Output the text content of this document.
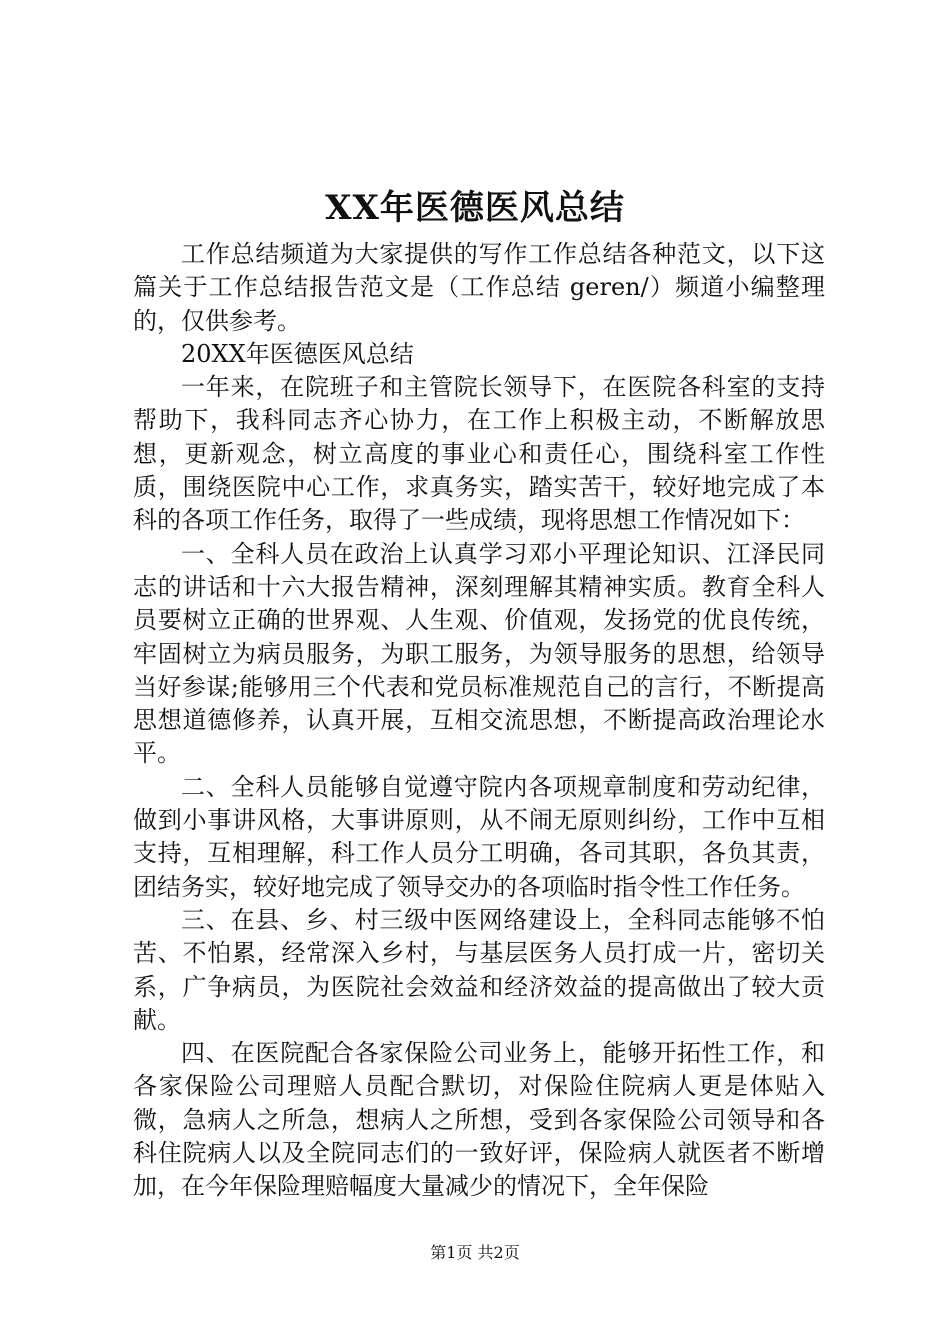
XX年医德医风总结

工作总结频道为大家提供的写作工作总结各种范文，以下这篇关于工作总结报告范文是（工作总结 geren/）频道小编整理的，仅供参考。

20XX年医德医风总结

一年来，在院班子和主管院长领导下，在医院各科室的支持帮助下，我科同志齐心协力，在工作上积极主动，不断解放思想，更新观念，树立高度的事业心和责任心，围绕科室工作性质，围绕医院中心工作，求真务实，踏实苦干，较好地完成了本科的各项工作任务，取得了一些成绩，现将思想工作情况如下：

一、全科人员在政治上认真学习邓小平理论知识、江泽民同志的讲话和十六大报告精神，深刻理解其精神实质。教育全科人员要树立正确的世界观、人生观、价值观，发扬党的优良传统，牢固树立为病员服务，为职工服务，为领导服务的思想，给领导当好参谋;能够用三个代表和党员标准规范自己的言行，不断提高思想道德修养，认真开展，互相交流思想，不断提高政治理论水平。

二、全科人员能够自觉遵守院内各项规章制度和劳动纪律，做到小事讲风格，大事讲原则，从不闹无原则纠纷，工作中互相支持，互相理解，科工作人员分工明确，各司其职，各负其责，团结务实，较好地完成了领导交办的各项临时指令性工作任务。

三、在县、乡、村三级中医网络建设上，全科同志能够不怕苦、不怕累，经常深入乡村，与基层医务人员打成一片，密切关系，广争病员，为医院社会效益和经济效益的提高做出了较大贡献。

四、在医院配合各家保险公司业务上，能够开拓性工作，和各家保险公司理赔人员配合默切，对保险住院病人更是体贴入微，急病人之所急，想病人之所想，受到各家保险公司领导和各科住院病人以及全院同志们的一致好评，保险病人就医者不断增加，在今年保险理赔幅度大量减少的情况下，全年保险

第1页 共2页
